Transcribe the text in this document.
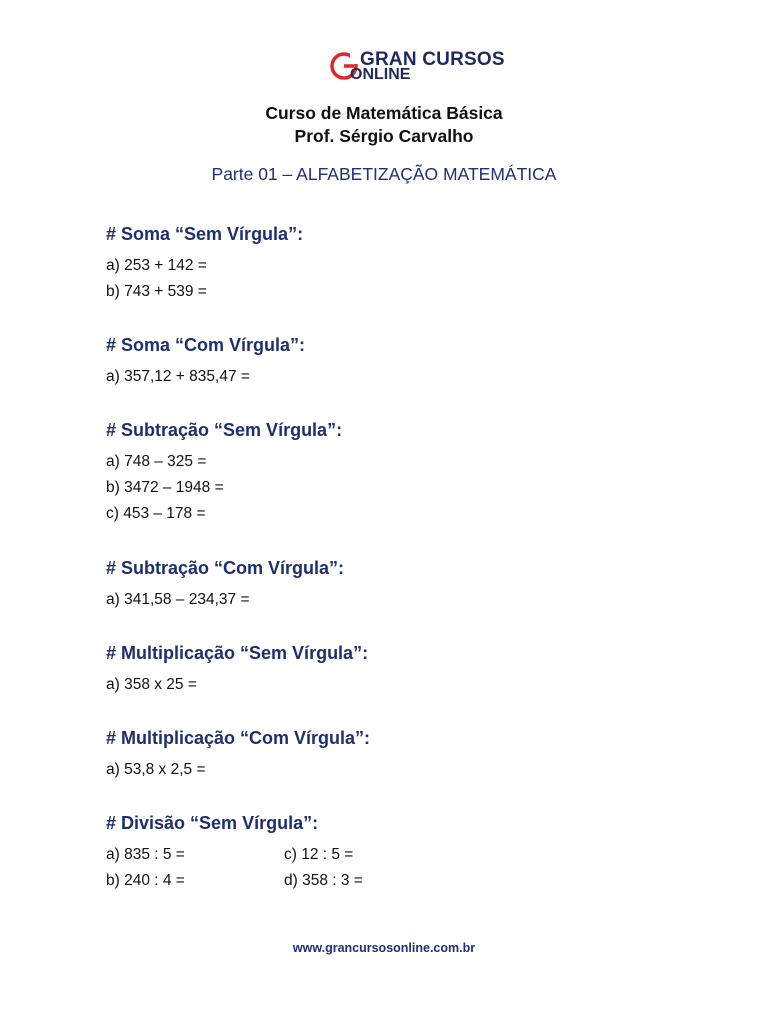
GRAN CURSOS
ONLINE
Curso de Matemática Básica
Prof. Sérgio Carvalho
Parte 01 – ALFABETIZAÇÃO MATEMÁTICA
# Soma “Sem Vírgula”:
a) 253 + 142 =
b) 743 + 539 =
# Soma “Com Vírgula”:
a) 357,12 + 835,47 =
# Subtração “Sem Vírgula”:
a) 748 – 325 =
b) 3472 – 1948 =
c) 453 – 178 =
# Subtração “Com Vírgula”:
a) 341,58 – 234,37 =
# Multiplicação “Sem Vírgula”:
a) 358 x 25 =
# Multiplicação “Com Vírgula”:
a) 53,8 x 2,5 =
# Divisão “Sem Vírgula”:
a) 835 : 5 =
b) 240 : 4 =
c) 12 : 5 =
d) 358 : 3 =
www.grancursosonline.com.br
